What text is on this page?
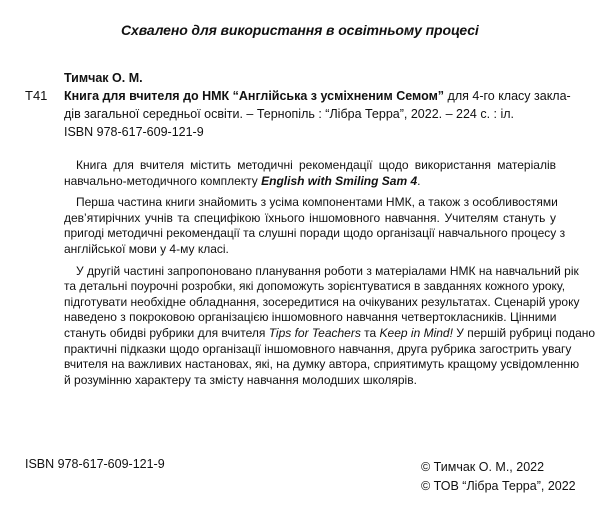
Схвалено для використання в освітньому процесі
Тимчак О. М.
Т41 Книга для вчителя до НМК “Англійська з усміхненим Семом” для 4-го класу закла-
дів загальної середньої освіти. – Тернопіль : “Лібра Терра”, 2022. – 224 с. : іл.
ISBN 978-617-609-121-9
Книга для вчителя містить методичні рекомендації щодо використання матеріалів
навчально-методичного комплекту English with Smiling Sam 4.
Перша частина книги знайомить з усіма компонентами НМК, а також з особливостями
дев’ятирічних учнів та специфікою їхнього іншомовного навчання. Учителям стануть у
пригоді методичні рекомендації та слушні поради щодо організації навчального процесу з
англійської мови у 4-му класі.
У другій частині запропоновано планування роботи з матеріалами НМК на навчальний рік
та детальні поурочні розробки, які допоможуть зорієнтуватися в завданнях кожного уроку,
підготувати необхідне обладнання, зосередитися на очікуваних результатах. Сценарій уроку
наведено з покроковою організацією іншомовного навчання четвертокласників. Цінними
стануть обидві рубрики для вчителя Tips for Teachers та Keep in Mind! У першій рубриці подано
практичні підказки щодо організації іншомовного навчання, друга рубрика загострить увагу
вчителя на важливих настановах, які, на думку автора, сприятимуть кращому усвідомленню
й розумінню характеру та змісту навчання молодших школярів.
ISBN 978-617-609-121-9	© Тимчак О. М., 2022
© ТОВ “Лібра Терра”, 2022
